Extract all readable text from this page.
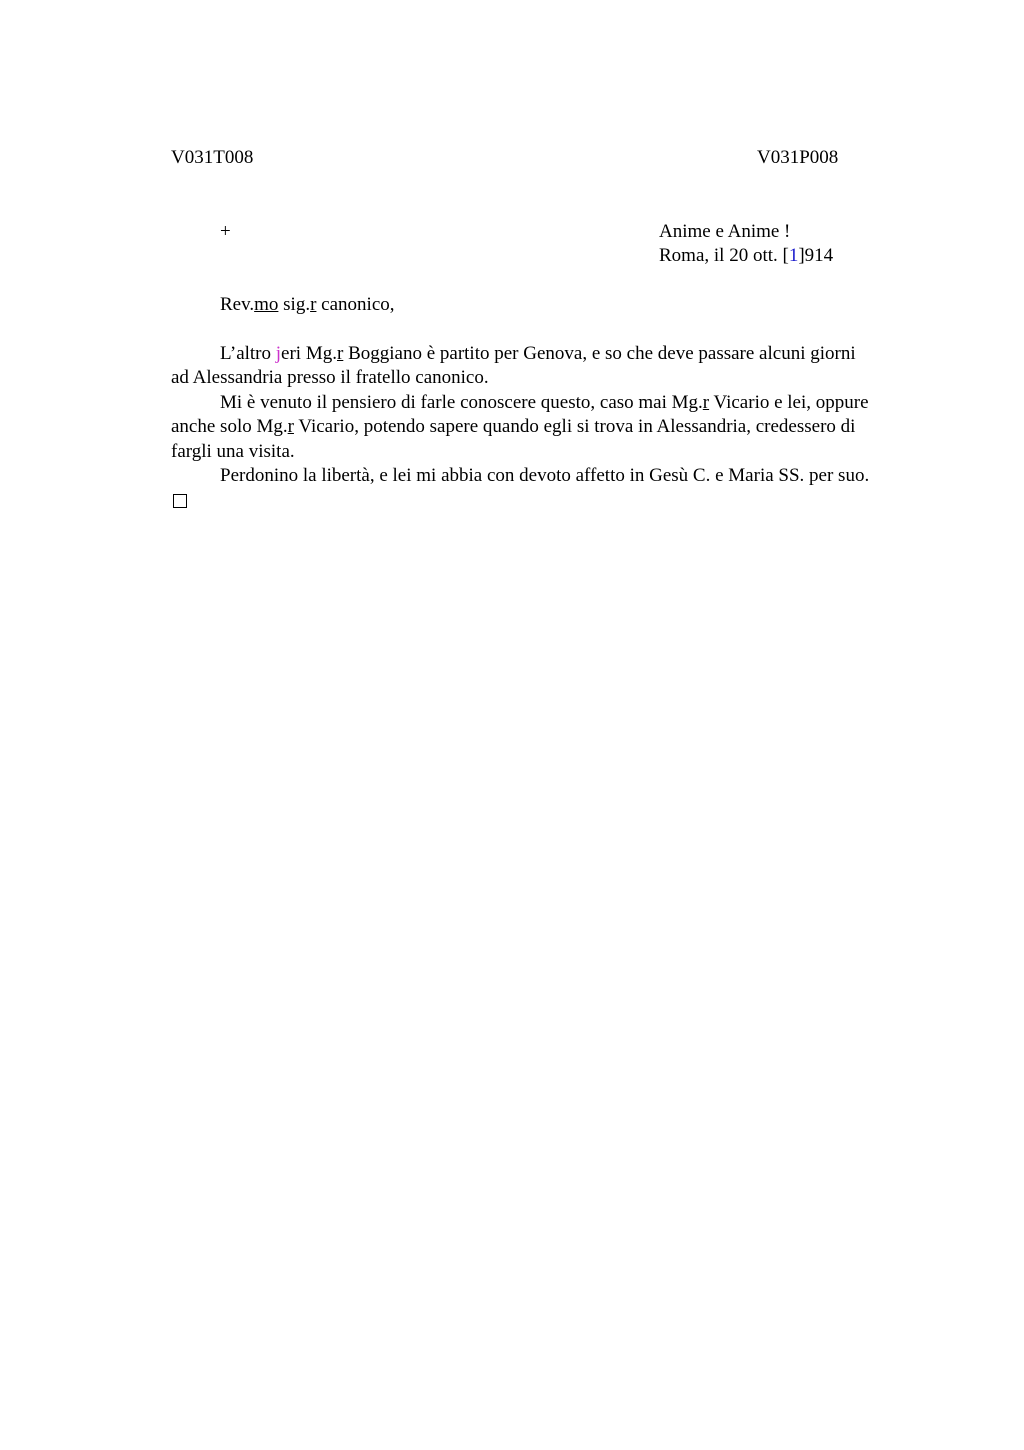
V031T008	V031P008
+	Anime e Anime !
Roma, il 20 ott. [1]914
Rev.mo sig.r canonico,

L’altro jeri Mg.r Boggiano è partito per Genova, e so che deve passare alcuni giorni ad Alessandria presso il fratello canonico.

Mi è venuto il pensiero di farle conoscere questo, caso mai Mg.r Vicario e lei, oppure anche solo Mg.r Vicario, potendo sapere quando egli si trova in Alessandria, credessero di fargli una visita.

Perdonino la libertà, e lei mi abbia con devoto affetto in Gesù C. e Maria SS. per suo.
